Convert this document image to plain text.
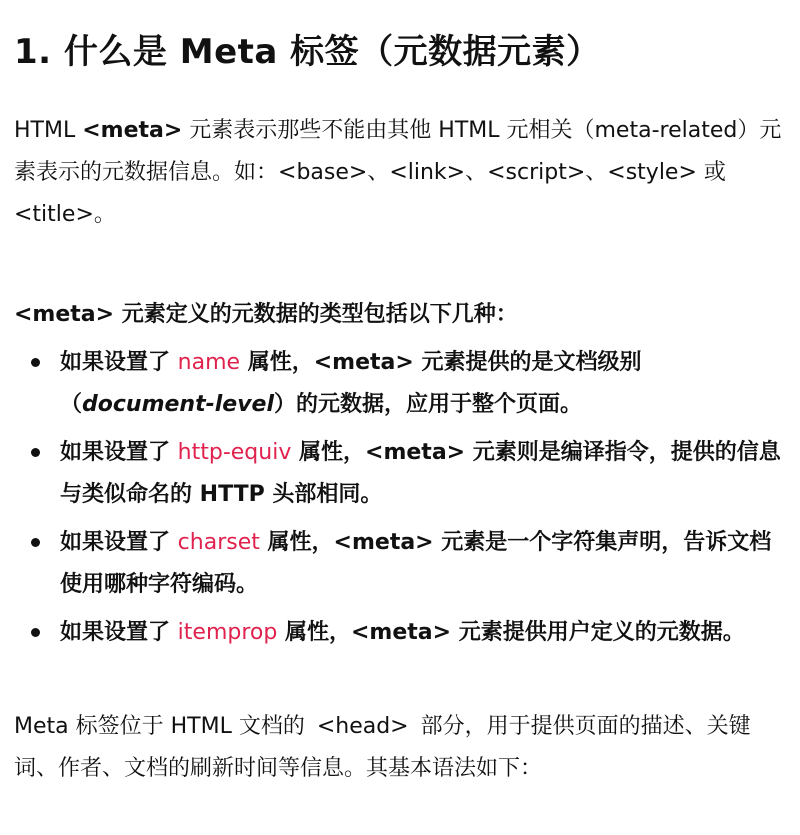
1. 什么是 Meta 标签（元数据元素）

HTML <meta> 元素表示那些不能由其他 HTML 元相关（meta-related）元素表示的元数据信息。如：<base>、<link>、<script>、<style> 或 <title>。

<meta> 元素定义的元数据的类型包括以下几种：

如果设置了 name 属性，<meta> 元素提供的是文档级别（document-level）的元数据，应用于整个页面。
如果设置了 http-equiv 属性，<meta> 元素则是编译指令，提供的信息与类似命名的 HTTP 头部相同。
如果设置了 charset 属性，<meta> 元素是一个字符集声明，告诉文档使用哪种字符编码。
如果设置了 itemprop 属性，<meta> 元素提供用户定义的元数据。

Meta 标签位于 HTML 文档的 <head> 部分，用于提供页面的描述、关键词、作者、文档的刷新时间等信息。其基本语法如下：
